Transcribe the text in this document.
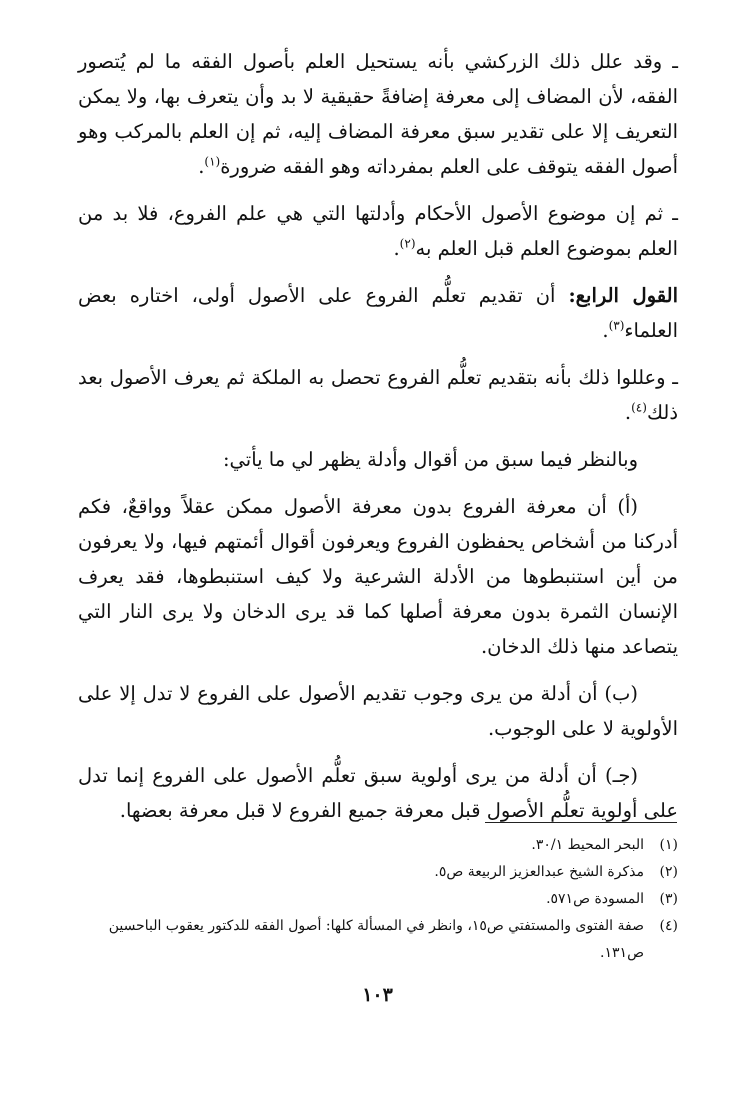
ـ وقد علل ذلك الزركشي بأنه يستحيل العلم بأصول الفقه ما لم يُتصور الفقه، لأن المضاف إلى معرفة إضافةً حقيقية لا بد وأن يتعرف بها، ولا يمكن التعريف إلا على تقدير سبق معرفة المضاف إليه، ثم إن العلم بالمركب وهو أصول الفقه يتوقف على العلم بمفرداته وهو الفقه ضرورة$^{(١)}$.

ـ ثم إن موضوع الأصول الأحكام وأدلتها التي هي علم الفروع، فلا بد من العلم بموضوع العلم قبل العلم به$^{(٢)}$.

القول الرابع: أن تقديم تعلُّم الفروع على الأصول أولى، اختاره بعض العلماء$^{(٣)}$.

ـ وعللوا ذلك بأنه بتقديم تعلُّم الفروع تحصل به الملكة ثم يعرف الأصول بعد ذلك$^{(٤)}$.

وبالنظر فيما سبق من أقوال وأدلة يظهر لي ما يأتي:

(أ) أن معرفة الفروع بدون معرفة الأصول ممكن عقلاً وواقعٌ، فكم أدركنا من أشخاص يحفظون الفروع ويعرفون أقوال أئمتهم فيها، ولا يعرفون من أين استنبطوها من الأدلة الشرعية ولا كيف استنبطوها، فقد يعرف الإنسان الثمرة بدون معرفة أصلها كما قد يرى الدخان ولا يرى النار التي يتصاعد منها ذلك الدخان.

(ب) أن أدلة من يرى وجوب تقديم الأصول على الفروع لا تدل إلا على الأولوية لا على الوجوب.

(جـ) أن أدلة من يرى أولوية سبق تعلُّم الأصول على الفروع إنما تدل على أولوية تعلُّم الأصول قبل معرفة جميع الفروع لا قبل معرفة بعضها.

(١)
البحر المحيط ٣٠/١.
(٢)
مذكرة الشيخ عبدالعزيز الربيعة ص٥.
(٣)
المسودة ص٥٧١.
(٤)
صفة الفتوى والمستفتي ص١٥، وانظر في المسألة كلها: أصول الفقه للدكتور يعقوب الباحسين ص١٣١.
١٠٣
